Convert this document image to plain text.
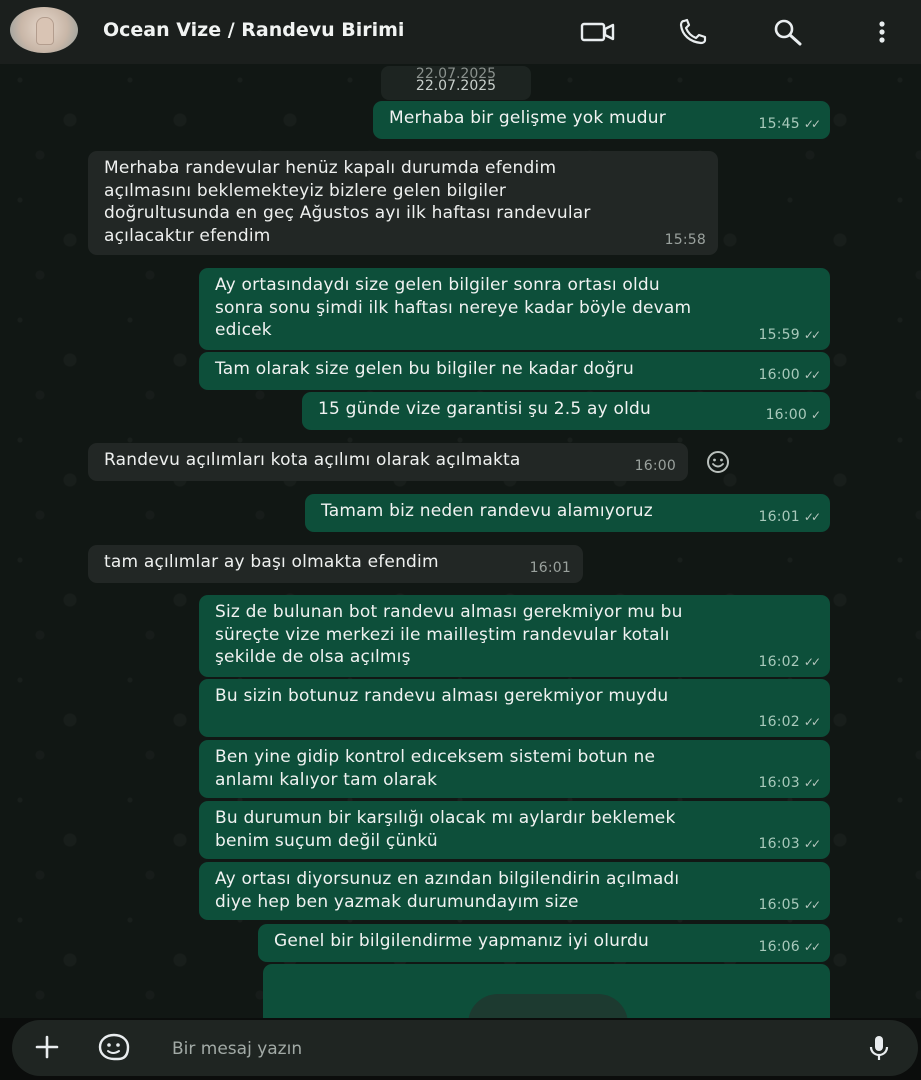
Ocean Vize / Randevu Birimi
22.07.2025
22.07.2025
Merhaba bir gelişme yok mudur	15:45 ✓✓
Merhaba randevular henüz kapalı durumda efendim
açılmasını beklemekteyiz bizlere gelen bilgiler
doğrultusunda en geç Ağustos ayı ilk haftası randevular
açılacaktır efendim	15:58
Ay ortasındaydı size gelen bilgiler sonra ortası oldu
sonra sonu şimdi ilk haftası nereye kadar böyle devam
edicek	15:59 ✓✓
Tam olarak size gelen bu bilgiler ne kadar doğru	16:00 ✓✓
15 günde vize garantisi şu 2.5 ay oldu	16:00 ✓
Randevu açılımları kota açılımı olarak açılmakta	16:00
Tamam biz neden randevu alamıyoruz	16:01 ✓✓
tam açılımlar ay başı olmakta efendim	16:01
Siz de bulunan bot randevu alması gerekmiyor mu bu
süreçte vize merkezi ile mailleştim randevular kotalı
şekilde de olsa açılmış	16:02 ✓✓
Bu sizin botunuz randevu alması gerekmiyor muydu
16:02 ✓✓
Ben yine gidip kontrol edıceksem sistemi botun ne
anlamı kalıyor tam olarak	16:03 ✓✓
Bu durumun bir karşılığı olacak mı aylardır beklemek
benim suçum değil çünkü	16:03 ✓✓
Ay ortası diyorsunuz en azından bilgilendirin açılmadı
diye hep ben yazmak durumundayım size	16:05 ✓✓
Genel bir bilgilendirme yapmanız iyi olurdu	16:06 ✓✓
Bir mesaj yazın
